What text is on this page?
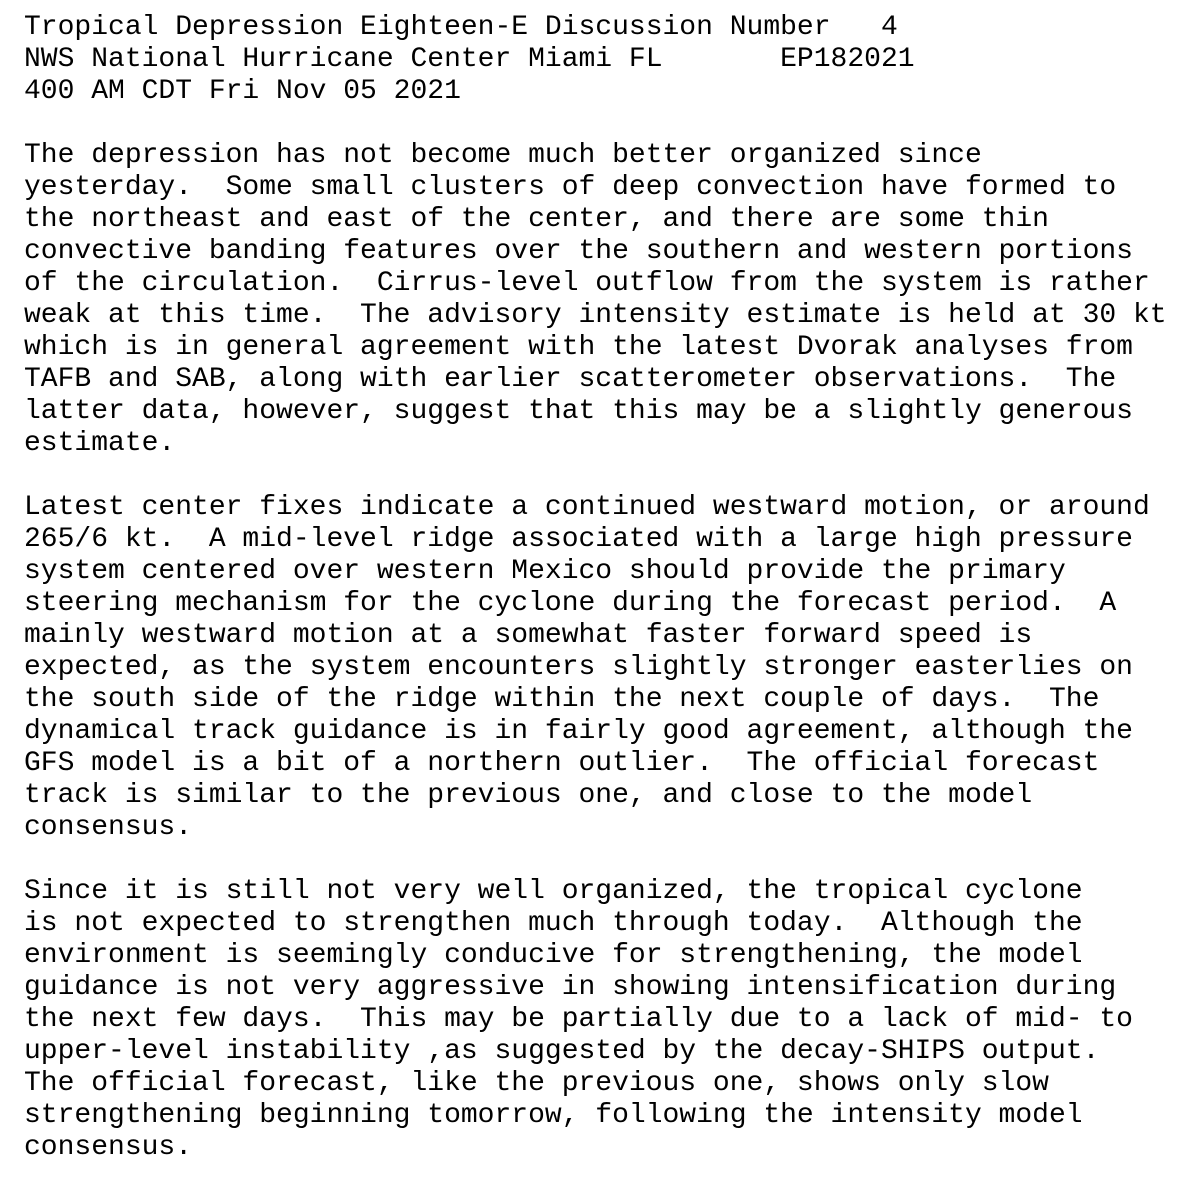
Tropical Depression Eighteen-E Discussion Number   4
NWS National Hurricane Center Miami FL       EP182021
400 AM CDT Fri Nov 05 2021

The depression has not become much better organized since
yesterday.  Some small clusters of deep convection have formed to
the northeast and east of the center, and there are some thin
convective banding features over the southern and western portions
of the circulation.  Cirrus-level outflow from the system is rather
weak at this time.  The advisory intensity estimate is held at 30 kt
which is in general agreement with the latest Dvorak analyses from
TAFB and SAB, along with earlier scatterometer observations.  The
latter data, however, suggest that this may be a slightly generous
estimate.

Latest center fixes indicate a continued westward motion, or around
265/6 kt.  A mid-level ridge associated with a large high pressure
system centered over western Mexico should provide the primary
steering mechanism for the cyclone during the forecast period.  A
mainly westward motion at a somewhat faster forward speed is
expected, as the system encounters slightly stronger easterlies on
the south side of the ridge within the next couple of days.  The
dynamical track guidance is in fairly good agreement, although the
GFS model is a bit of a northern outlier.  The official forecast
track is similar to the previous one, and close to the model
consensus.

Since it is still not very well organized, the tropical cyclone
is not expected to strengthen much through today.  Although the
environment is seemingly conducive for strengthening, the model
guidance is not very aggressive in showing intensification during
the next few days.  This may be partially due to a lack of mid- to
upper-level instability ,as suggested by the decay-SHIPS output.
The official forecast, like the previous one, shows only slow
strengthening beginning tomorrow, following the intensity model
consensus.
